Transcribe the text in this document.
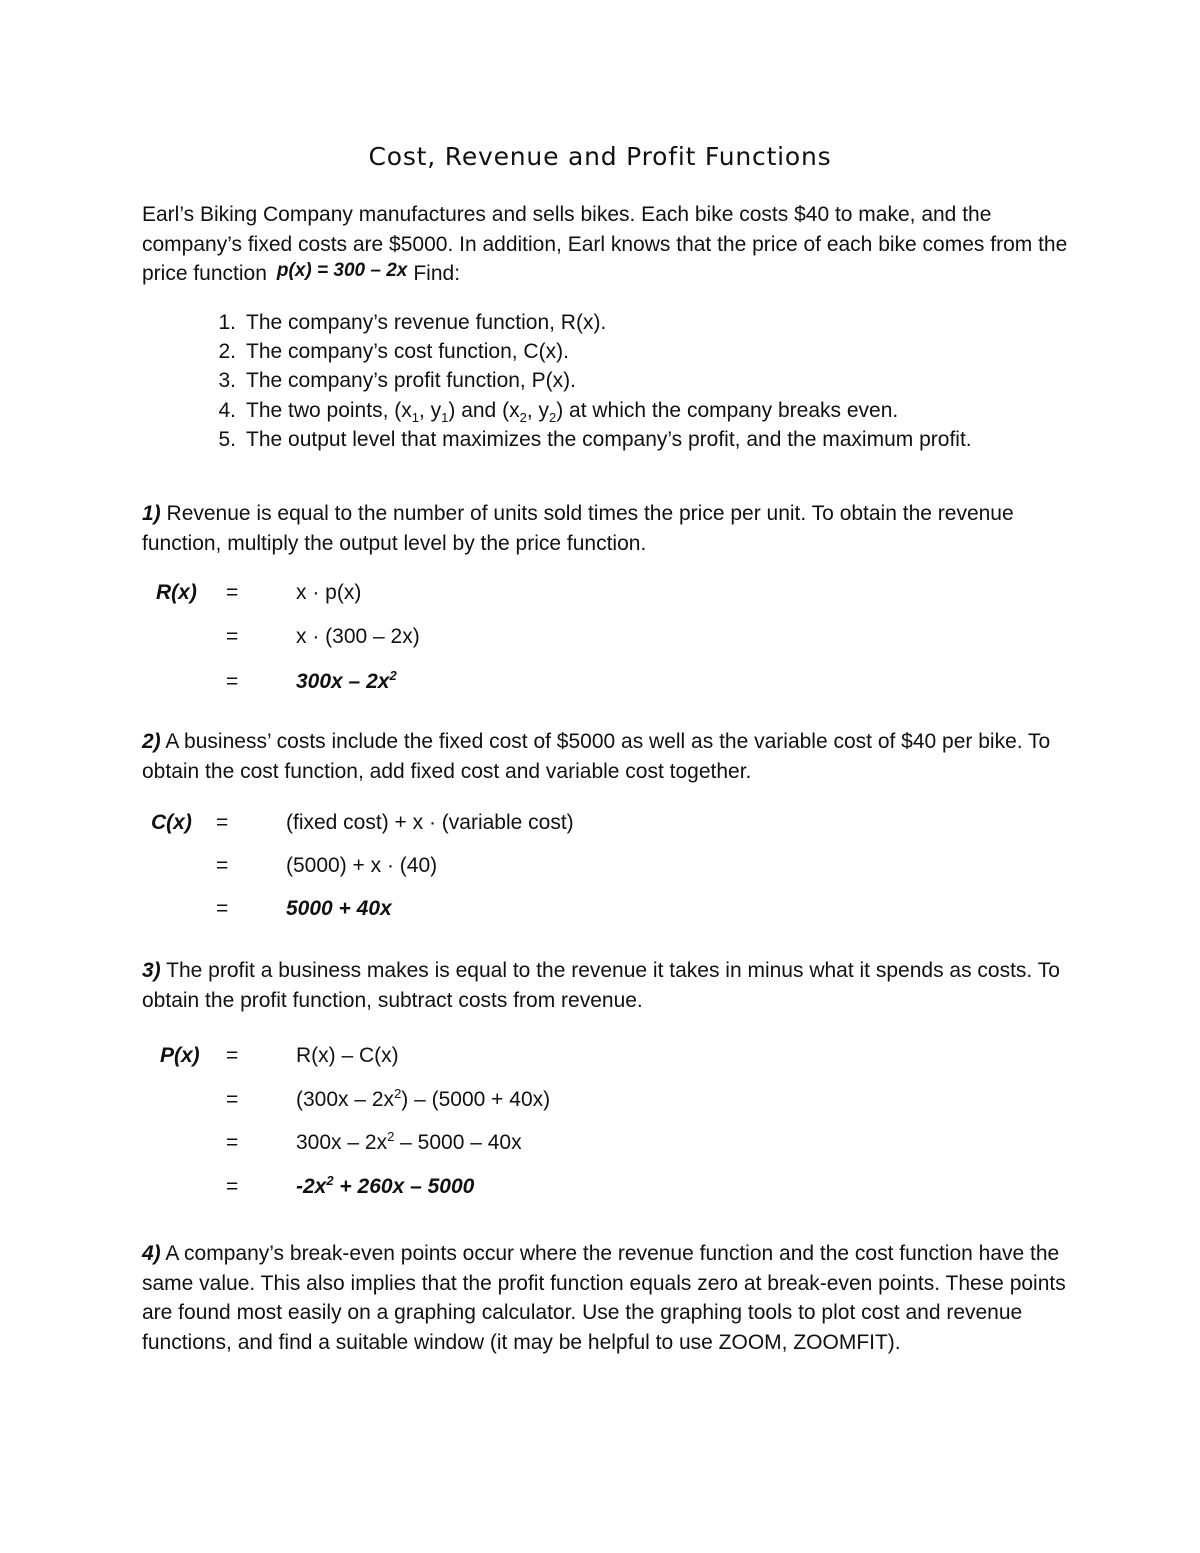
Cost, Revenue and Profit Functions

Earl’s Biking Company manufactures and sells bikes. Each bike costs $40 to make, and the company’s fixed costs are $5000. In addition, Earl knows that the price of each bike comes from the price function p(x) = 300 – 2x Find:

1. The company’s revenue function, R(x).
2. The company’s cost function, C(x).
3. The company’s profit function, P(x).
4. The two points, ($x_1$, $y_1$) and ($x_2$, $y_2$) at which the company breaks even.
5. The output level that maximizes the company’s profit, and the maximum profit.

1) Revenue is equal to the number of units sold times the price per unit. To obtain the revenue function, multiply the output level by the price function.

R(x) =	x · p(x)
=	x · (300 – 2x)
=	$300x - 2x^2$

2) A business’ costs include the fixed cost of $5000 as well as the variable cost of $40 per bike. To obtain the cost function, add fixed cost and variable cost together.

C(x) =	(fixed cost) + x · (variable cost)
=	(5000) + x · (40)
=	5000 + 40x

3) The profit a business makes is equal to the revenue it takes in minus what it spends as costs. To obtain the profit function, subtract costs from revenue.

P(x) =	R(x) – C(x)
=	$(300x - 2x^2) - (5000 + 40x)$
=	$300x - 2x^2 - 5000 - 40x$
=	$-2x^2 + 260x - 5000$

4) A company’s break-even points occur where the revenue function and the cost function have the same value. This also implies that the profit function equals zero at break-even points. These points are found most easily on a graphing calculator. Use the graphing tools to plot cost and revenue functions, and find a suitable window (it may be helpful to use ZOOM, ZOOMFIT).
